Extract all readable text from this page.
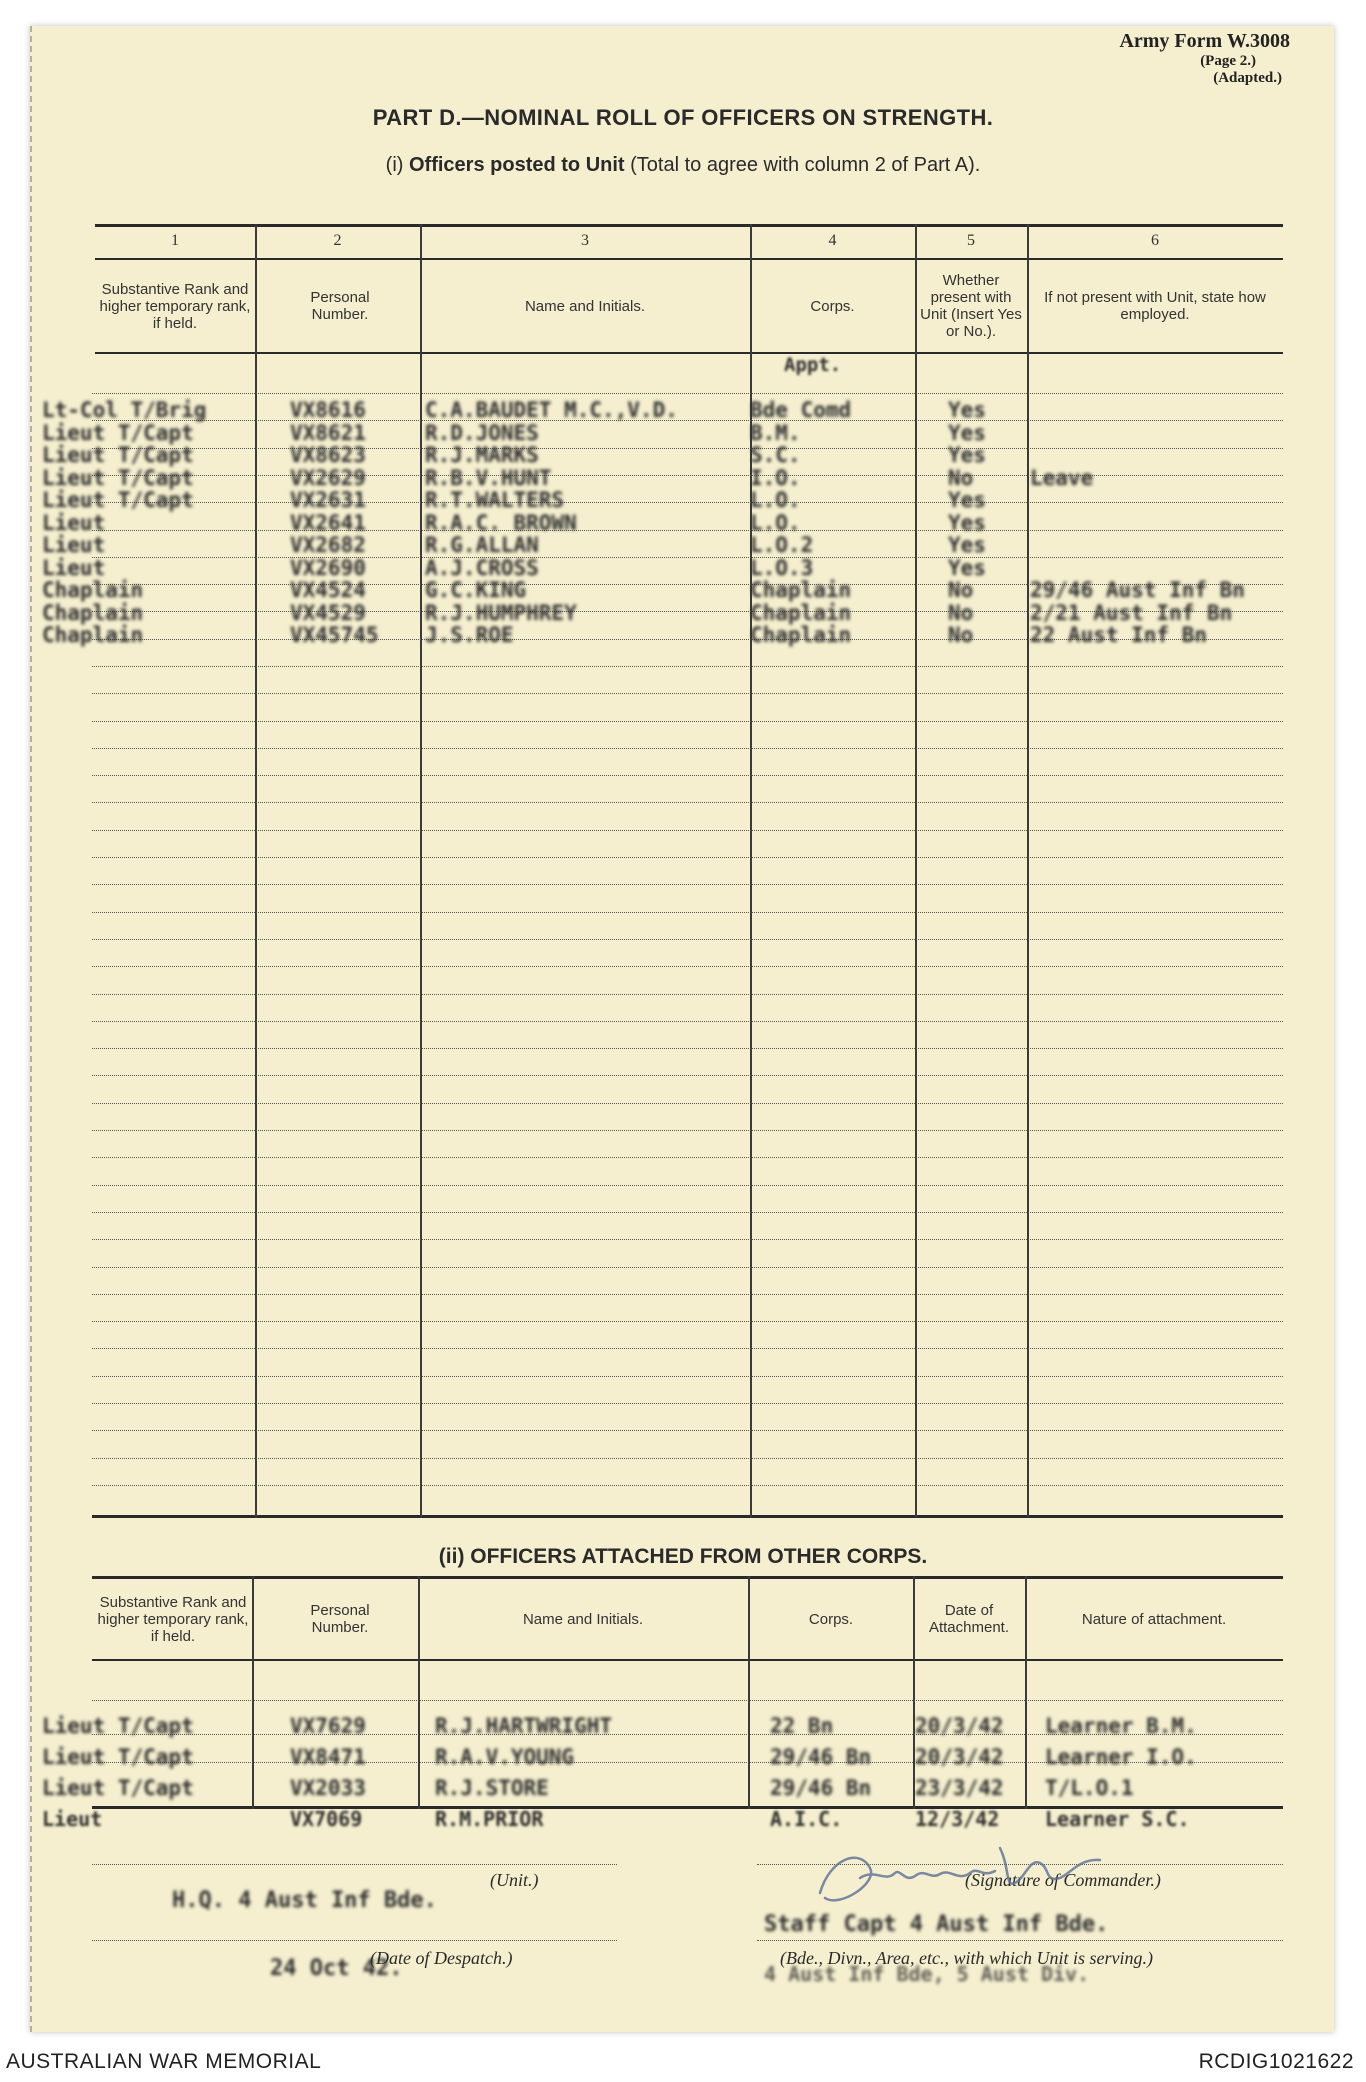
Army Form W.3008
(Page 2.)
(Adapted.)
PART D.—NOMINAL ROLL OF OFFICERS ON STRENGTH.
(i) Officers posted to Unit (Total to agree with column 2 of Part A).
1	2	3	4	5	6
Substantive Rank and higher temporary rank, if held.
Personal Number.	Name and Initials.	Corps.
Whether present with Unit (Insert Yes or No.).
If not present with Unit, state how employed.
Appt.
Lt-Col T/Brig	VX8616	C.A.BAUDET M.C.,V.D.	Bde Comd	Yes
Lieut T/Capt	VX8621	R.D.JONES	B.M.	Yes
Lieut T/Capt	VX8623	R.J.MARKS	S.C.	Yes
Lieut T/Capt	VX2629	R.B.V.HUNT	I.O.	No	Leave
Lieut T/Capt	VX2631	R.T.WALTERS	L.O.	Yes
Lieut	VX2641	R.A.C. BROWN	L.O.	Yes
Lieut	VX2682	R.G.ALLAN	L.O.2	Yes
Lieut	VX2690	A.J.CROSS	L.O.3	Yes
Chaplain	VX4524	G.C.KING	Chaplain	No	29/46 Aust Inf Bn
Chaplain	VX4529	R.J.HUMPHREY	Chaplain	No	2/21 Aust Inf Bn
Chaplain	VX45745 J.S.ROE	Chaplain	No	22 Aust Inf Bn
(ii) OFFICERS ATTACHED FROM OTHER CORPS.
Substantive Rank and higher temporary rank, if held.
Personal Number.	Name and Initials.	Corps.	Date of Attachment.	Nature of attachment.
Lieut T/Capt	VX7629	R.J.HARTWRIGHT	22 Bn	20/3/42 Learner B.M.
Lieut T/Capt	VX8471	R.A.V.YOUNG	29/46 Bn 20/3/42 Learner I.O.
Lieut T/Capt	VX2033	R.J.STORE	29/46 Bn 23/3/42 T/L.O.1
Lieut	VX7069	R.M.PRIOR	A.I.C.	12/3/42 Learner S.C.
(Unit.)
H.Q. 4 Aust Inf Bde.
(Signature of Commander.)
Staff Capt 4 Aust Inf Bde.
(Date of Despatch.)
24 Oct 42.	(Bde., Divn., Area, etc., with which Unit is serving.)
4 Aust Inf Bde, 5 Aust Div.
AUSTRALIAN WAR MEMORIAL	RCDIG1021622
